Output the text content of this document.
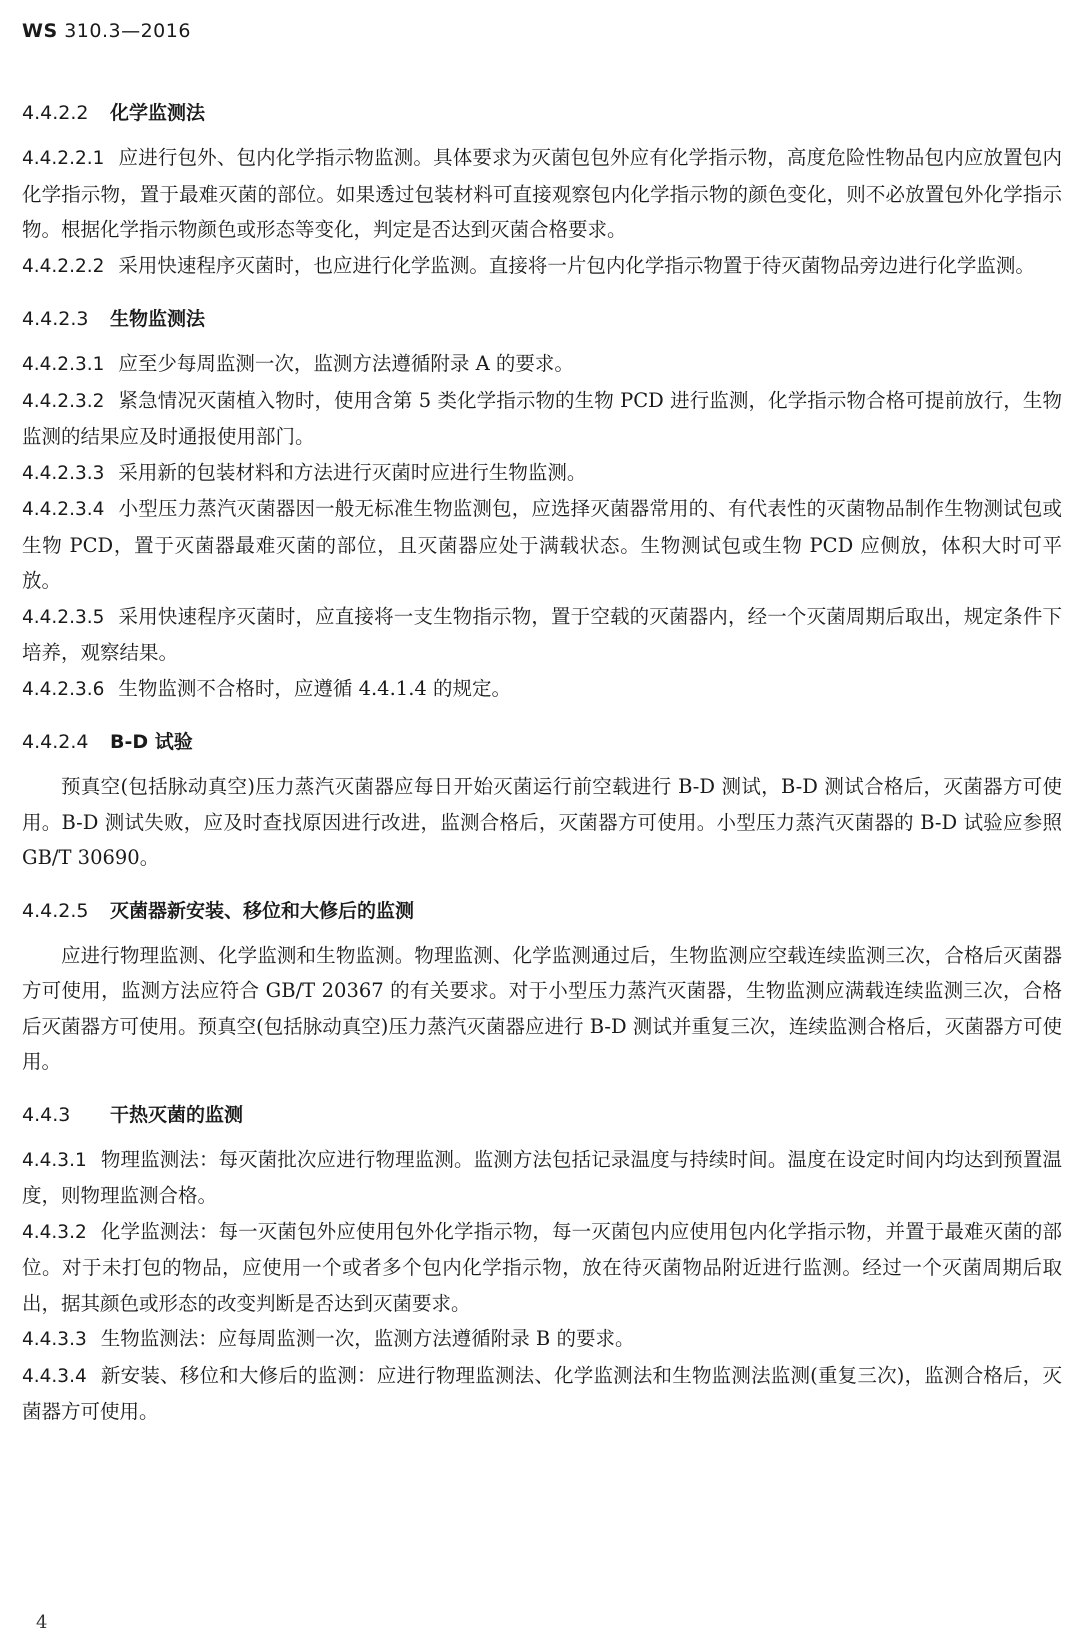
WS 310.3—2016
4.4.2.2 化学监测法

4.4.2.2.1 应进行包外、包内化学指示物监测。具体要求为灭菌包包外应有化学指示物，高度危险性物品包内应放置包内化学指示物，置于最难灭菌的部位。如果透过包装材料可直接观察包内化学指示物的颜色变化，则不必放置包外化学指示物。根据化学指示物颜色或形态等变化，判定是否达到灭菌合格要求。

4.4.2.2.2 采用快速程序灭菌时，也应进行化学监测。直接将一片包内化学指示物置于待灭菌物品旁边进行化学监测。

4.4.2.3 生物监测法

4.4.2.3.1 应至少每周监测一次，监测方法遵循附录 A 的要求。

4.4.2.3.2 紧急情况灭菌植入物时，使用含第 5 类化学指示物的生物 PCD 进行监测，化学指示物合格可提前放行，生物监测的结果应及时通报使用部门。

4.4.2.3.3 采用新的包装材料和方法进行灭菌时应进行生物监测。

4.4.2.3.4 小型压力蒸汽灭菌器因一般无标准生物监测包，应选择灭菌器常用的、有代表性的灭菌物品制作生物测试包或生物 PCD，置于灭菌器最难灭菌的部位，且灭菌器应处于满载状态。生物测试包或生物 PCD 应侧放，体积大时可平放。

4.4.2.3.5 采用快速程序灭菌时，应直接将一支生物指示物，置于空载的灭菌器内，经一个灭菌周期后取出，规定条件下培养，观察结果。

4.4.2.3.6 生物监测不合格时，应遵循 4.4.1.4 的规定。

4.4.2.4 B-D 试验

预真空(包括脉动真空)压力蒸汽灭菌器应每日开始灭菌运行前空载进行 B-D 测试，B-D 测试合格后，灭菌器方可使用。B-D 测试失败，应及时查找原因进行改进，监测合格后，灭菌器方可使用。小型压力蒸汽灭菌器的 B-D 试验应参照 GB/T 30690。

4.4.2.5 灭菌器新安装、移位和大修后的监测

应进行物理监测、化学监测和生物监测。物理监测、化学监测通过后，生物监测应空载连续监测三次，合格后灭菌器方可使用，监测方法应符合 GB/T 20367 的有关要求。对于小型压力蒸汽灭菌器，生物监测应满载连续监测三次，合格后灭菌器方可使用。预真空(包括脉动真空)压力蒸汽灭菌器应进行 B-D 测试并重复三次，连续监测合格后，灭菌器方可使用。

4.4.3 干热灭菌的监测

4.4.3.1 物理监测法：每灭菌批次应进行物理监测。监测方法包括记录温度与持续时间。温度在设定时间内均达到预置温度，则物理监测合格。

4.4.3.2 化学监测法：每一灭菌包外应使用包外化学指示物，每一灭菌包内应使用包内化学指示物，并置于最难灭菌的部位。对于未打包的物品，应使用一个或者多个包内化学指示物，放在待灭菌物品附近进行监测。经过一个灭菌周期后取出，据其颜色或形态的改变判断是否达到灭菌要求。

4.4.3.3 生物监测法：应每周监测一次，监测方法遵循附录 B 的要求。

4.4.3.4 新安装、移位和大修后的监测：应进行物理监测法、化学监测法和生物监测法监测(重复三次)，监测合格后，灭菌器方可使用。

4
